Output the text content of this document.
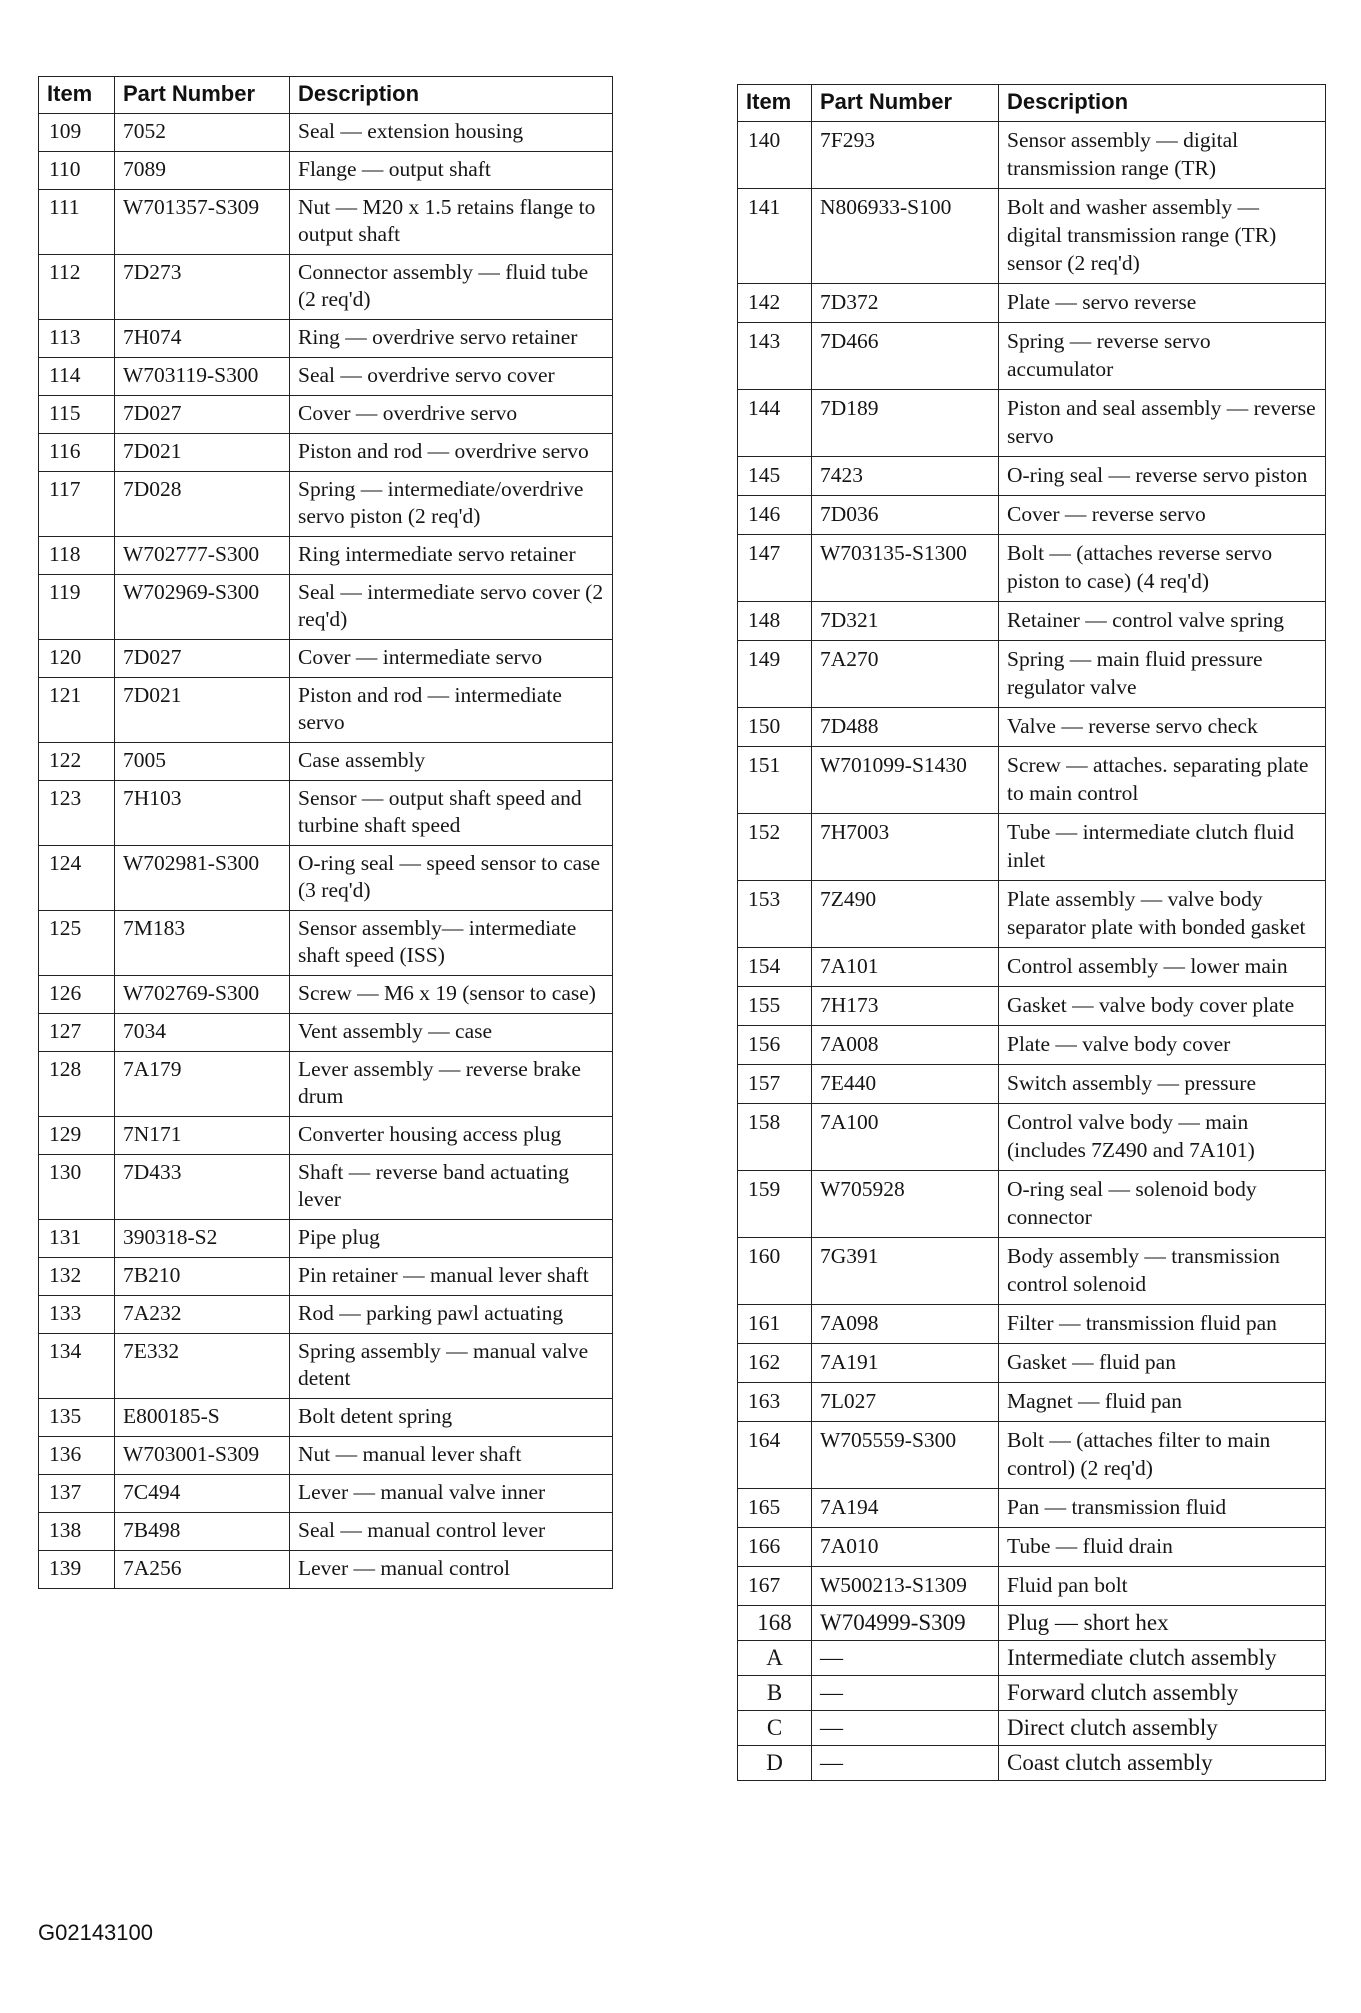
Item	Part Number	Description
109	7052	Seal — extension housing
110	7089	Flange — output shaft
111	W701357-S309	Nut — M20 x 1.5 retains flange to output shaft
112	7D273	Connector assembly — fluid tube (2 req'd)
113	7H074	Ring — overdrive servo retainer
114	W703119-S300	Seal — overdrive servo cover
115	7D027	Cover — overdrive servo
116	7D021	Piston and rod — overdrive servo
117	7D028	Spring — intermediate/overdrive servo piston (2 req'd)
118	W702777-S300	Ring intermediate servo retainer
119	W702969-S300	Seal — intermediate servo cover (2 req'd)
120	7D027	Cover — intermediate servo
121	7D021	Piston and rod — intermediate servo
122	7005	Case assembly
123	7H103	Sensor — output shaft speed and turbine shaft speed
124	W702981-S300	O-ring seal — speed sensor to case (3 req'd)
125	7M183	Sensor assembly— intermediate shaft speed (ISS)
126	W702769-S300	Screw — M6 x 19 (sensor to case)
127	7034	Vent assembly — case
128	7A179	Lever assembly — reverse brake drum
129	7N171	Converter housing access plug
130	7D433	Shaft — reverse band actuating lever
131	390318-S2	Pipe plug
132	7B210	Pin retainer — manual lever shaft
133	7A232	Rod — parking pawl actuating
134	7E332	Spring assembly — manual valve detent
135	E800185-S	Bolt detent spring
136	W703001-S309	Nut — manual lever shaft
137	7C494	Lever — manual valve inner
138	7B498	Seal — manual control lever
139	7A256	Lever — manual control
Item	Part Number	Description
140	7F293	Sensor assembly — digital transmission range (TR)
141	N806933-S100	Bolt and washer assembly — digital transmission range (TR) sensor (2 req'd)
142	7D372	Plate — servo reverse
143	7D466	Spring — reverse servo accumulator
144	7D189	Piston and seal assembly — reverse servo
145	7423	O-ring seal — reverse servo piston
146	7D036	Cover — reverse servo
147	W703135-S1300	Bolt — (attaches reverse servo piston to case) (4 req'd)
148	7D321	Retainer — control valve spring
149	7A270	Spring — main fluid pressure regulator valve
150	7D488	Valve — reverse servo check
151	W701099-S1430	Screw — attaches. separating plate to main control
152	7H7003	Tube — intermediate clutch fluid inlet
153	7Z490	Plate assembly — valve body separator plate with bonded gasket
154	7A101	Control assembly — lower main
155	7H173	Gasket — valve body cover plate
156	7A008	Plate — valve body cover
157	7E440	Switch assembly — pressure
158	7A100	Control valve body — main (includes 7Z490 and 7A101)
159	W705928	O-ring seal — solenoid body connector
160	7G391	Body assembly — transmission control solenoid
161	7A098	Filter — transmission fluid pan
162	7A191	Gasket — fluid pan
163	7L027	Magnet — fluid pan
164	W705559-S300	Bolt — (attaches filter to main control) (2 req'd)
165	7A194	Pan — transmission fluid
166	7A010	Tube — fluid drain
167	W500213-S1309	Fluid pan bolt
168	W704999-S309	Plug — short hex
A	—	Intermediate clutch assembly
B	—	Forward clutch assembly
C	—	Direct clutch assembly
D	—	Coast clutch assembly
G02143100
